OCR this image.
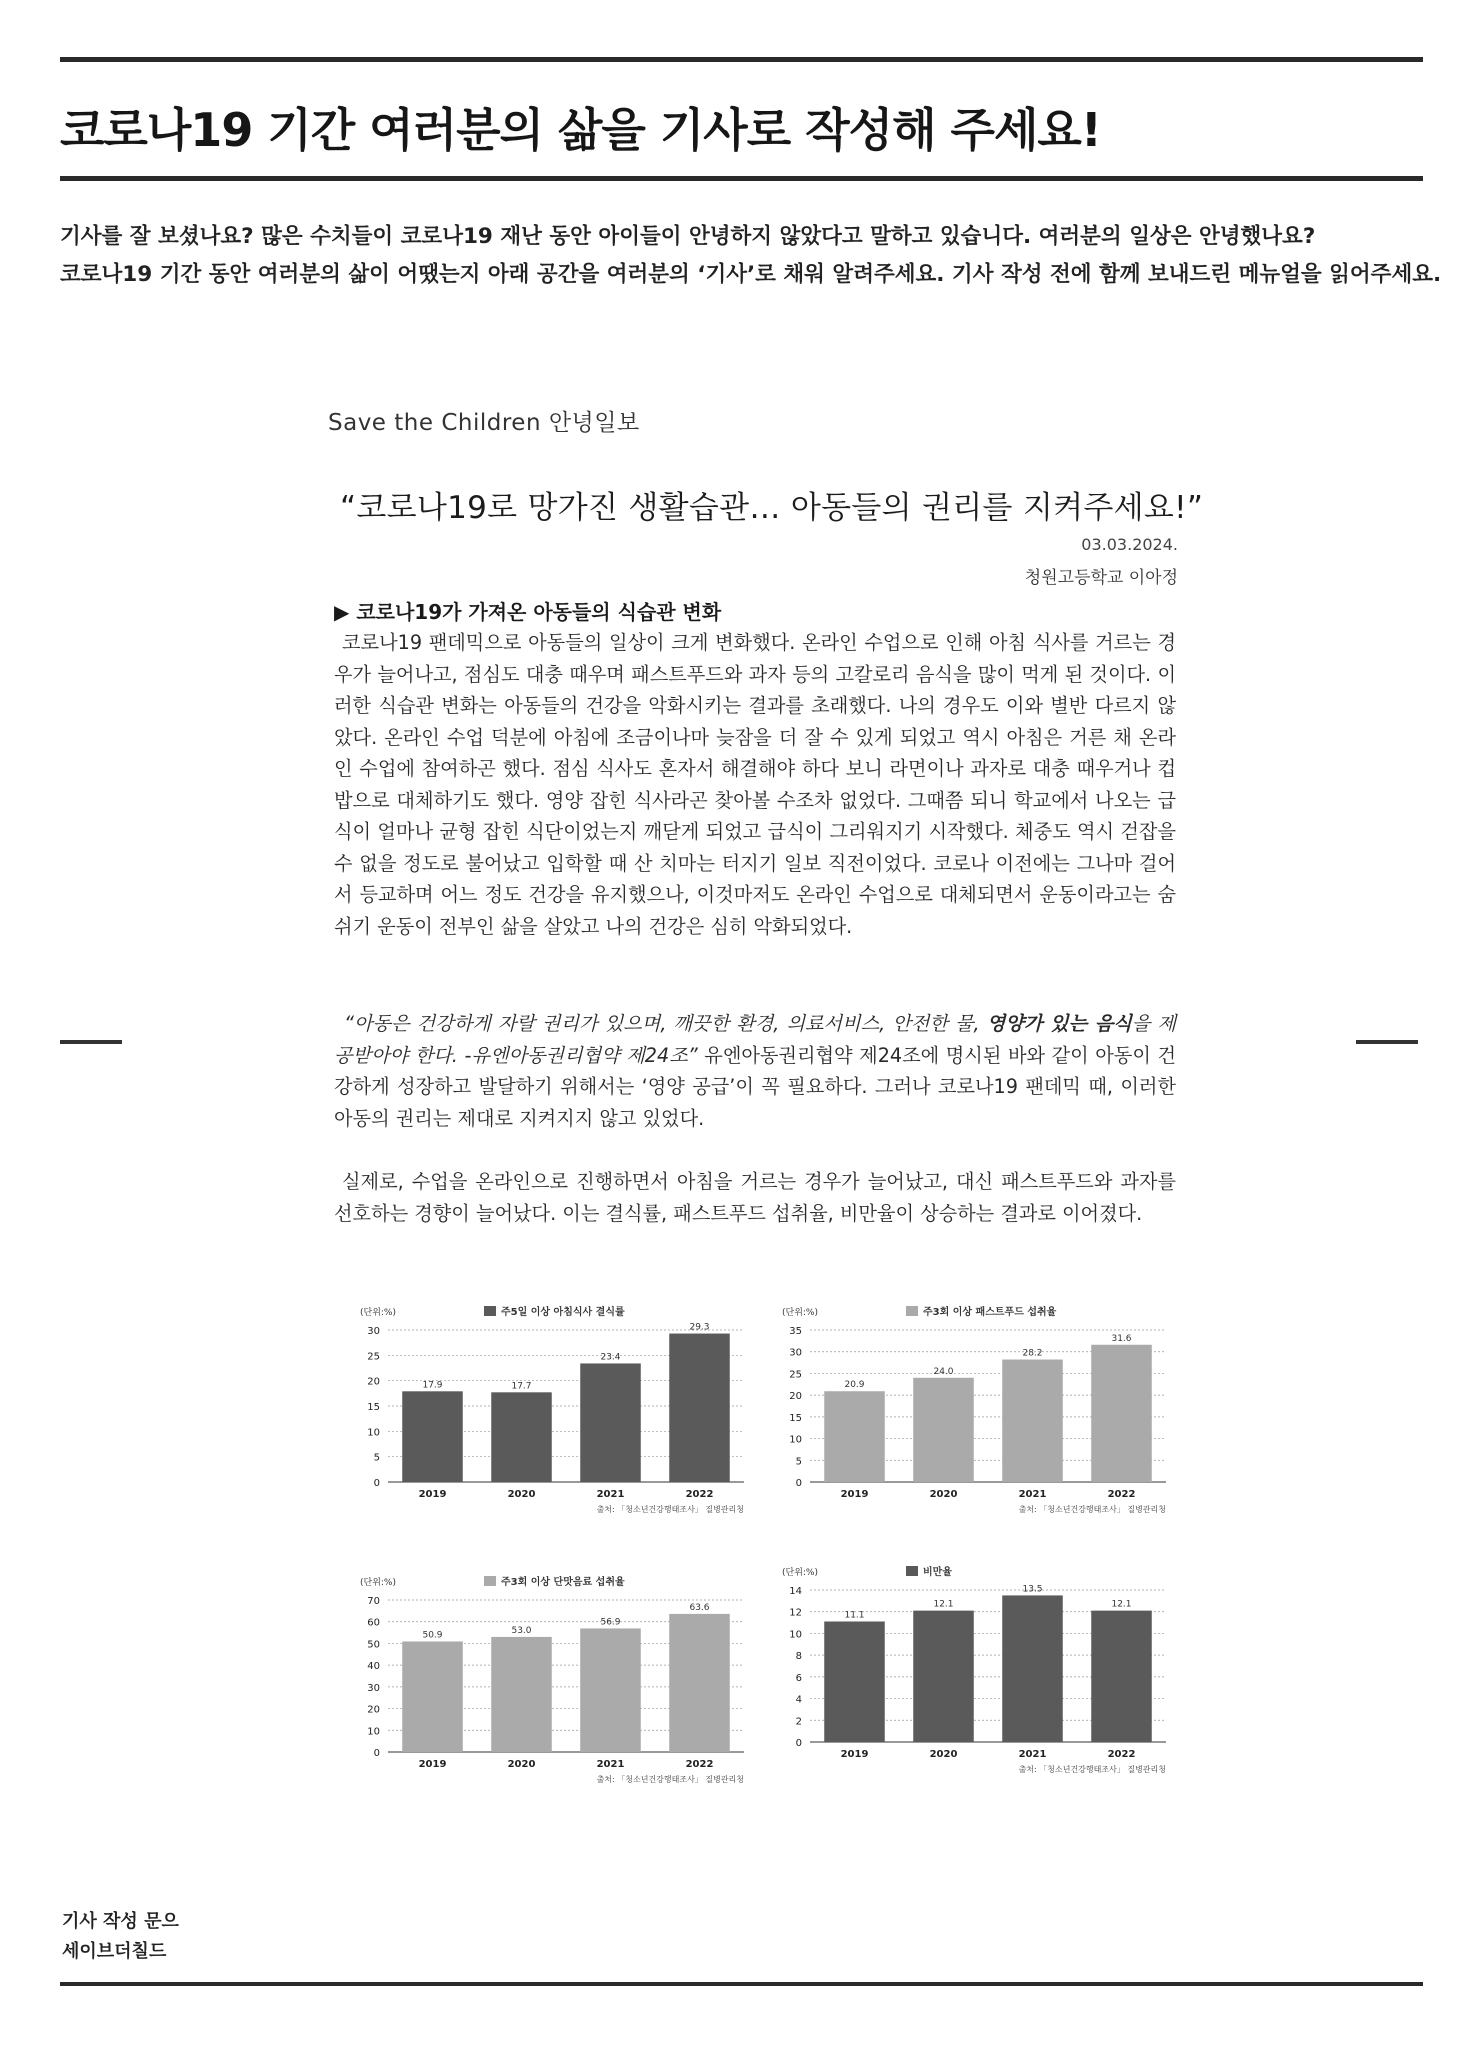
코로나19 기간 여러분의 삶을 기사로 작성해 주세요!
기사를 잘 보셨나요? 많은 수치들이 코로나19 재난 동안 아이들이 안녕하지 않았다고 말하고 있습니다. 여러분의 일상은 안녕했나요?
코로나19 기간 동안 여러분의 삶이 어땠는지 아래 공간을 여러분의 ‘기사’로 채워 알려주세요. 기사 작성 전에 함께 보내드린 메뉴얼을 읽어주세요.
Save the Children 안녕일보
“코로나19로 망가진 생활습관… 아동들의 권리를 지켜주세요!”
03.03.2024.
청원고등학교 이아정
▶ 코로나19가 가져온 아동들의 식습관 변화
코로나19 팬데믹으로 아동들의 일상이 크게 변화했다. 온라인 수업으로 인해 아침 식사를 거르는 경우가 늘어나고, 점심도 대충 때우며 패스트푸드와 과자 등의 고칼로리 음식을 많이 먹게 된 것이다. 이러한 식습관 변화는 아동들의 건강을 악화시키는 결과를 초래했다. 나의 경우도 이와 별반 다르지 않았다. 온라인 수업 덕분에 아침에 조금이나마 늦잠을 더 잘 수 있게 되었고 역시 아침은 거른 채 온라인 수업에 참여하곤 했다. 점심 식사도 혼자서 해결해야 하다 보니 라면이나 과자로 대충 때우거나 컵밥으로 대체하기도 했다. 영양 잡힌 식사라곤 찾아볼 수조차 없었다. 그때쯤 되니 학교에서 나오는 급식이 얼마나 균형 잡힌 식단이었는지 깨닫게 되었고 급식이 그리워지기 시작했다. 체중도 역시 걷잡을 수 없을 정도로 불어났고 입학할 때 산 치마는 터지기 일보 직전이었다. 코로나 이전에는 그나마 걸어서 등교하며 어느 정도 건강을 유지했으나, 이것마저도 온라인 수업으로 대체되면서 운동이라고는 숨쉬기 운동이 전부인 삶을 살았고 나의 건강은 심히 악화되었다.
“아동은 건강하게 자랄 권리가 있으며, 깨끗한 환경, 의료서비스, 안전한 물, 영양가 있는 음식을 제공받아야 한다. -유엔아동권리협약 제24조” 유엔아동권리협약 제24조에 명시된 바와 같이 아동이 건강하게 성장하고 발달하기 위해서는 ‘영양 공급’이 꼭 필요하다. 그러나 코로나19 팬데믹 때, 이러한 아동의 권리는 제대로 지켜지지 않고 있었다.
실제로, 수업을 온라인으로 진행하면서 아침을 거르는 경우가 늘어났고, 대신 패스트푸드와 과자를 선호하는 경향이 늘어났다. 이는 결식률, 패스트푸드 섭취율, 비만율이 상승하는 결과로 이어졌다.
(단위:%)	주5일 이상 아침식사 결식률
0
5
10
15
20
25
30
17.9
2019
17.7
2020
23.4
2021
29.3
2022
출처: 「청소년건강행태조사」 질병관리청
(단위:%)	주3회 이상 패스트푸드 섭취율
0
5
10
15
20
25
30
35
20.9
2019
24.0
2020
28.2
2021
31.6
2022
출처: 「청소년건강행태조사」 질병관리청
(단위:%)	주3회 이상 단맛음료 섭취율
0
10
20
30
40
50
60
70
50.9
2019
53.0
2020
56.9
2021
63.6
2022
출처: 「청소년건강행태조사」 질병관리청
(단위:%)	비만율
0
2
4
6
8
10
12
14
11.1
2019
12.1
2020
13.5
2021
12.1
2022
출처: 「청소년건강행태조사」 질병관리청
기사 작성 문으
세이브더칠드​
